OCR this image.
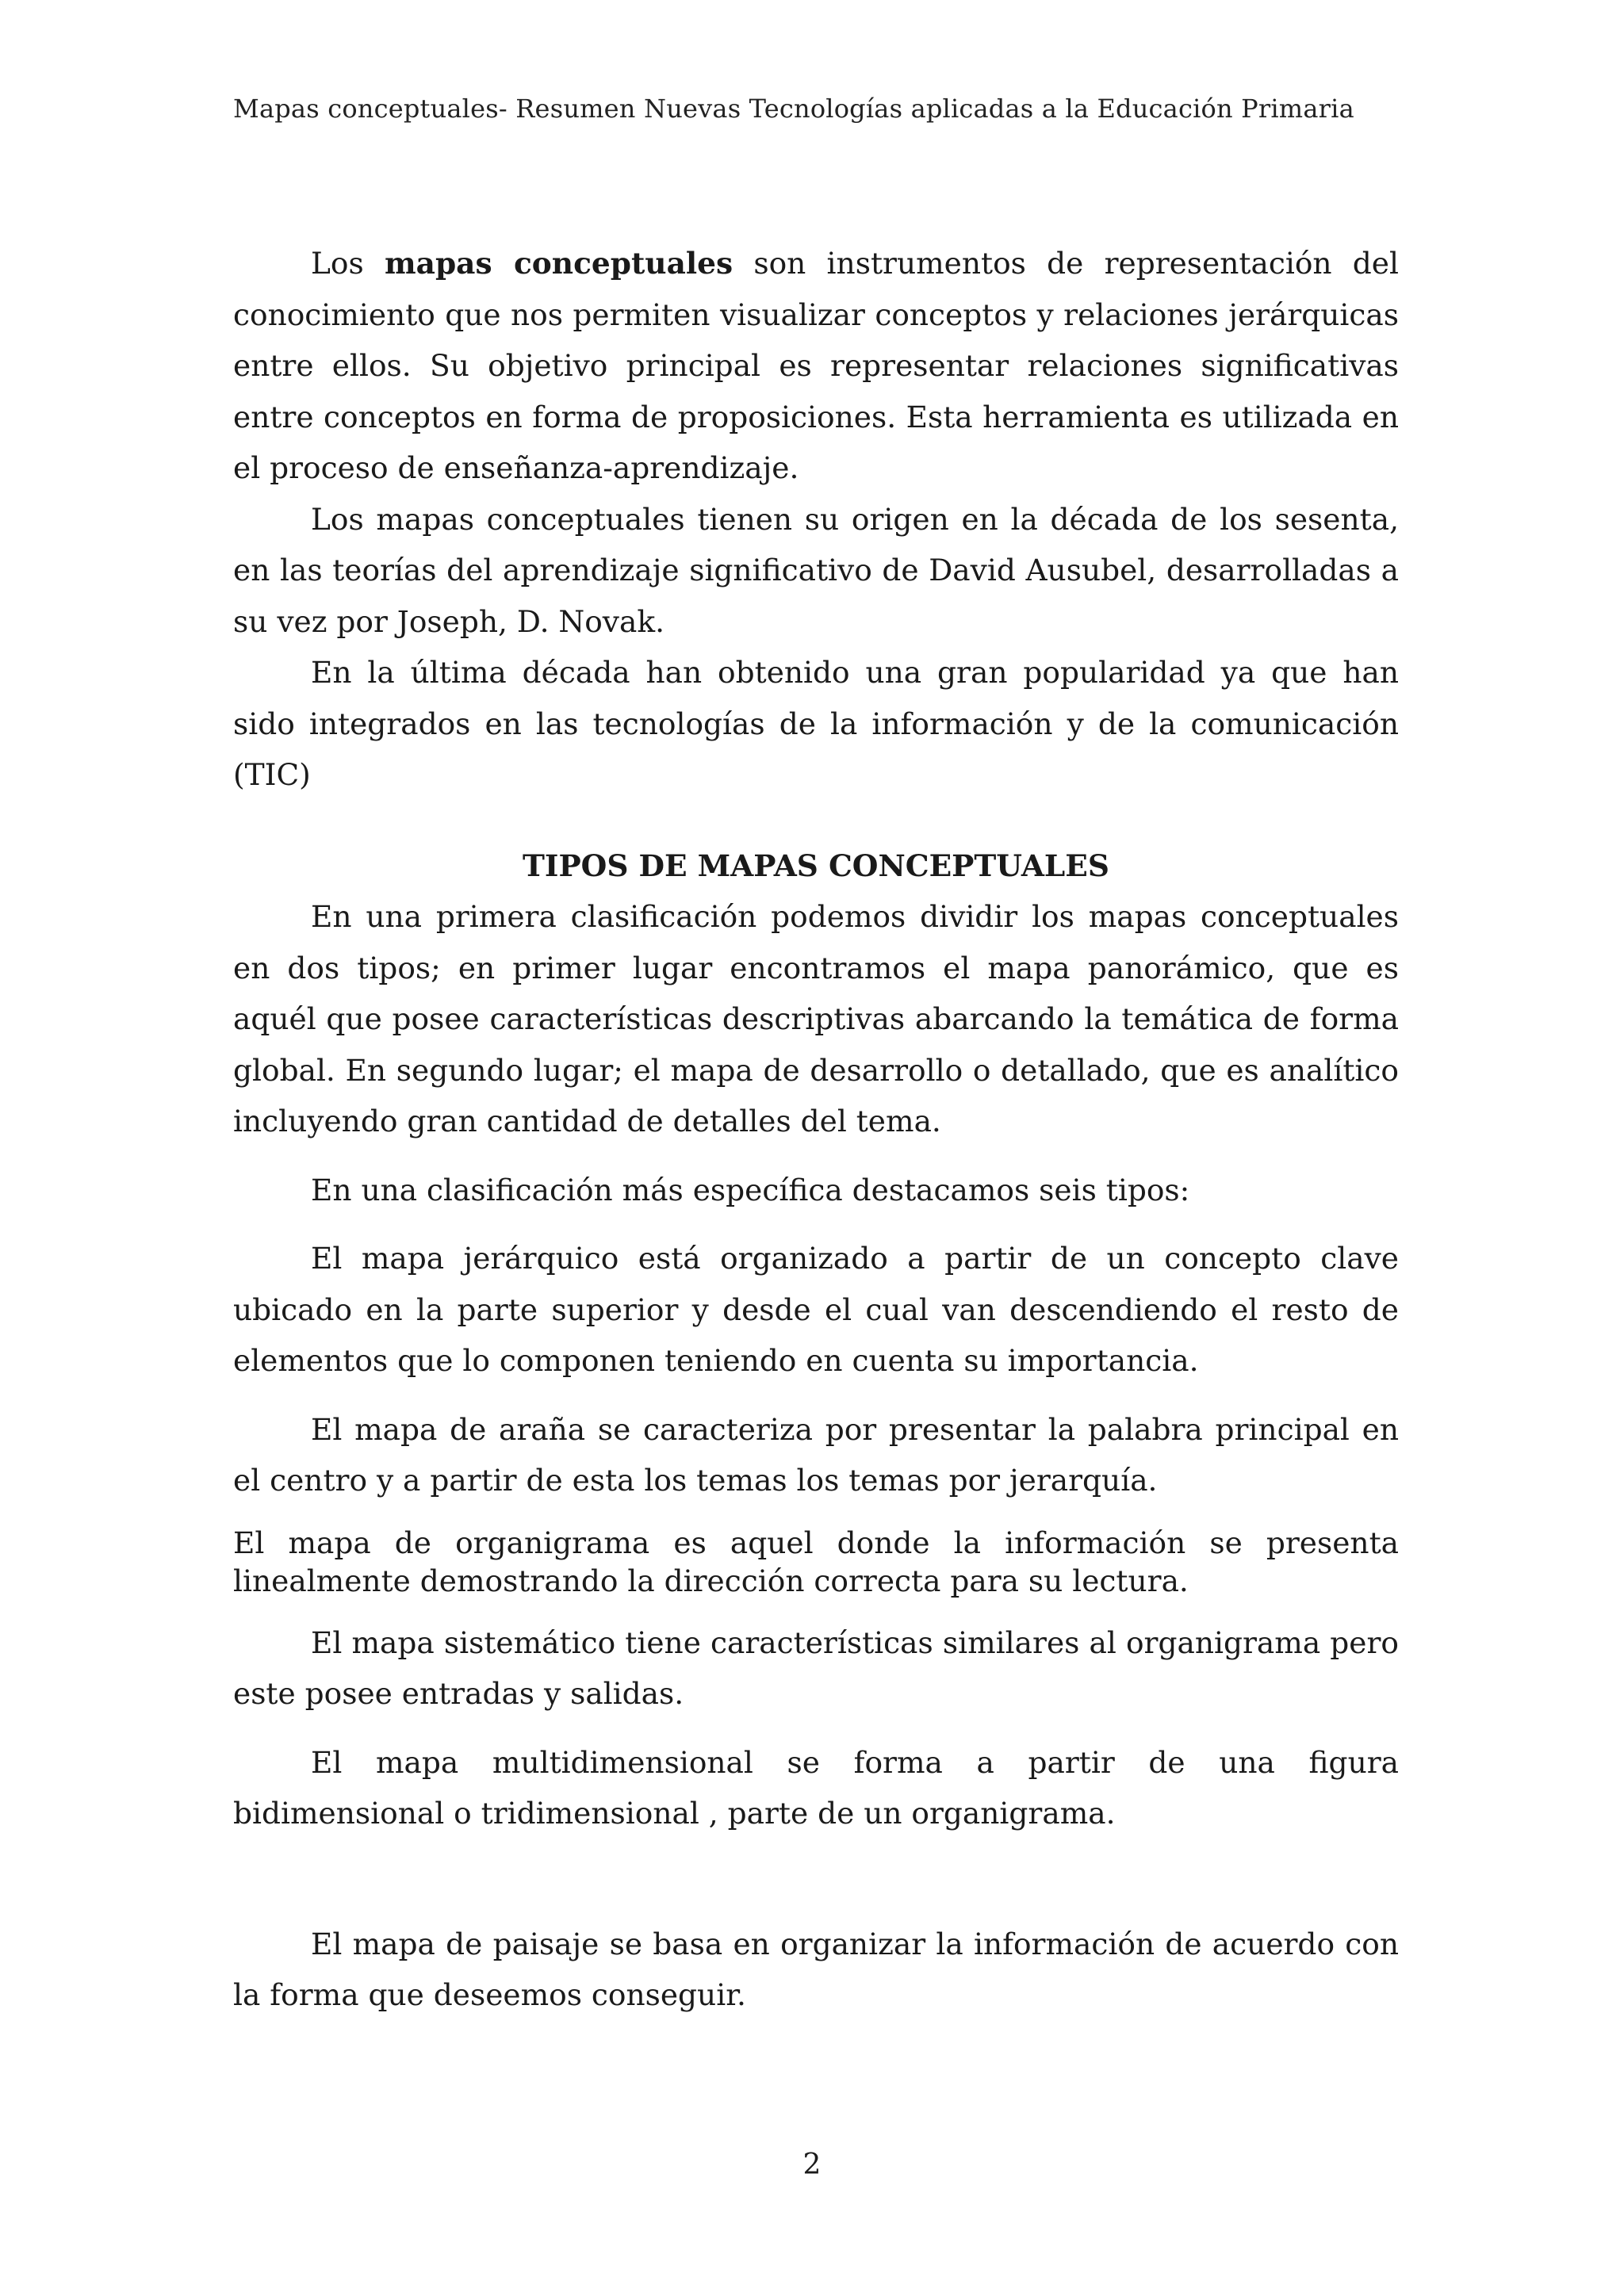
Mapas conceptuales- Resumen Nuevas Tecnologías aplicadas a la Educación Primaria

Los mapas conceptuales son instrumentos de representación del conocimiento que nos permiten visualizar conceptos y relaciones jerárquicas entre ellos. Su objetivo principal es representar relaciones significativas entre conceptos en forma de proposiciones. Esta herramienta es utilizada en el proceso de enseñanza-aprendizaje.

Los mapas conceptuales tienen su origen en la década de los sesenta, en las teorías del aprendizaje significativo de David Ausubel, desarrolladas a su vez por Joseph, D. Novak.

En la última década han obtenido una gran popularidad ya que han sido integrados en las tecnologías de la información y de la comunicación (TIC)

TIPOS DE MAPAS CONCEPTUALES

En una primera clasificación podemos dividir los mapas conceptuales en dos tipos; en primer lugar encontramos el mapa panorámico, que es aquél que posee características descriptivas abarcando la temática de forma global. En segundo lugar; el mapa de desarrollo o detallado, que es analítico incluyendo gran cantidad de detalles del tema.

En una clasificación más específica destacamos seis tipos:

El mapa jerárquico está organizado a partir de un concepto clave ubicado en la parte superior y desde el cual van descendiendo el resto de elementos que lo componen teniendo en cuenta su importancia.

El mapa de araña se caracteriza por presentar la palabra principal en el centro y a partir de esta los temas los temas por jerarquía.

El mapa de organigrama es aquel donde la información se presenta linealmente demostrando la dirección correcta para su lectura.

El mapa sistemático tiene características similares al organigrama pero este posee entradas y salidas.

El mapa multidimensional se forma a partir de una figura bidimensional o tridimensional , parte de un organigrama.

El mapa de paisaje se basa en organizar la información de acuerdo con la forma que deseemos conseguir.

2
